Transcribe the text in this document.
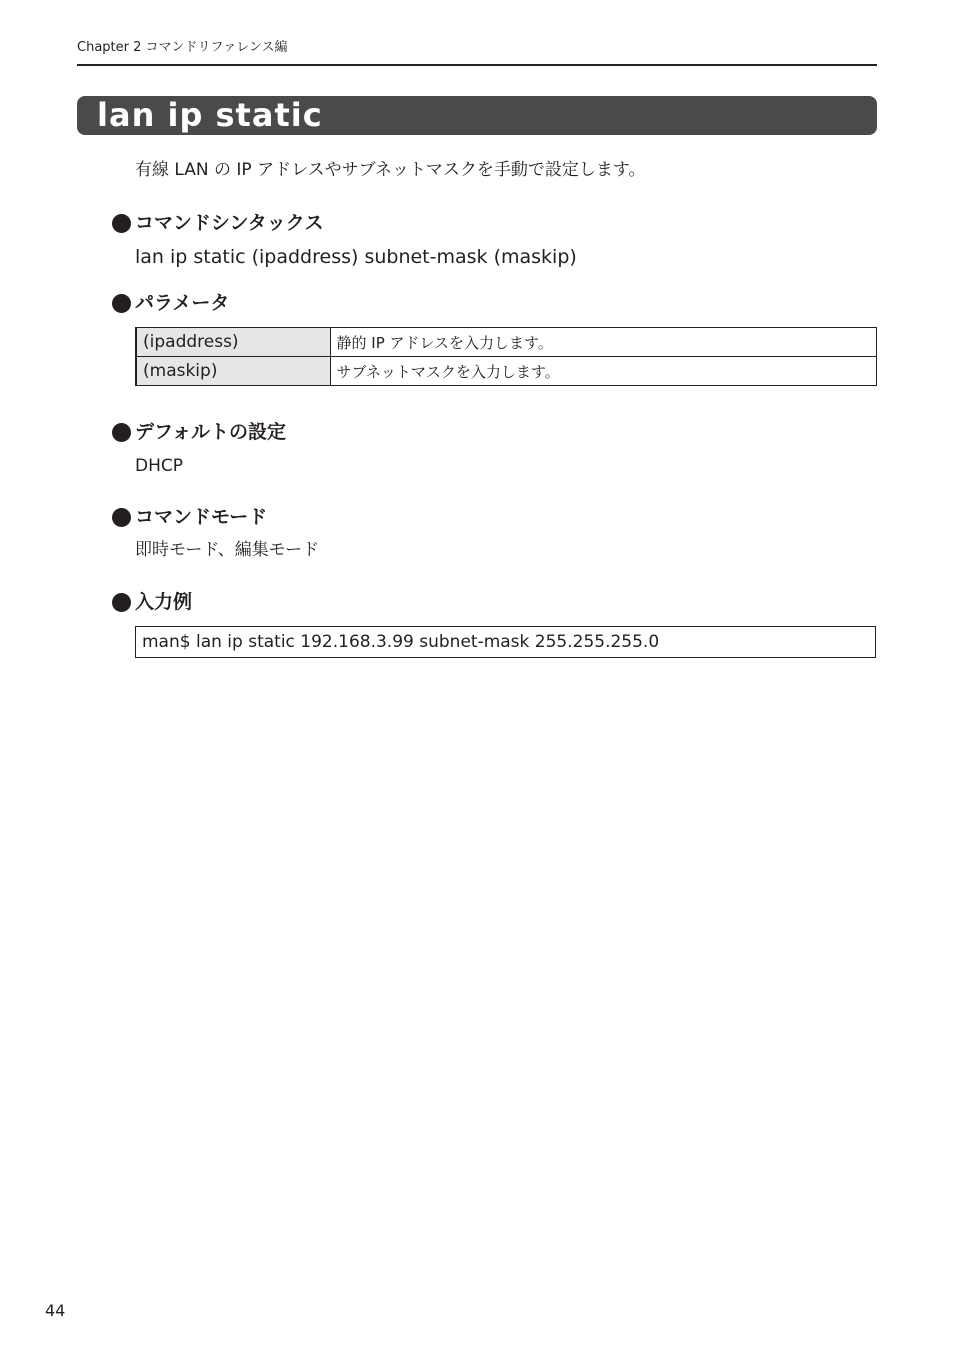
Chapter 2 コマンドリファレンス編
lan ip static
有線 LAN の IP アドレスやサブネットマスクを手動で設定します。
コマンドシンタックス
lan ip static (ipaddress) subnet-mask (maskip)
パラメータ
(ipaddress)	静的 IP アドレスを入力します。
(maskip)	サブネットマスクを入力します。
デフォルトの設定
DHCP
コマンドモード
即時モード、編集モード
入力例
man$ lan ip static 192.168.3.99 subnet-mask 255.255.255.0
44
